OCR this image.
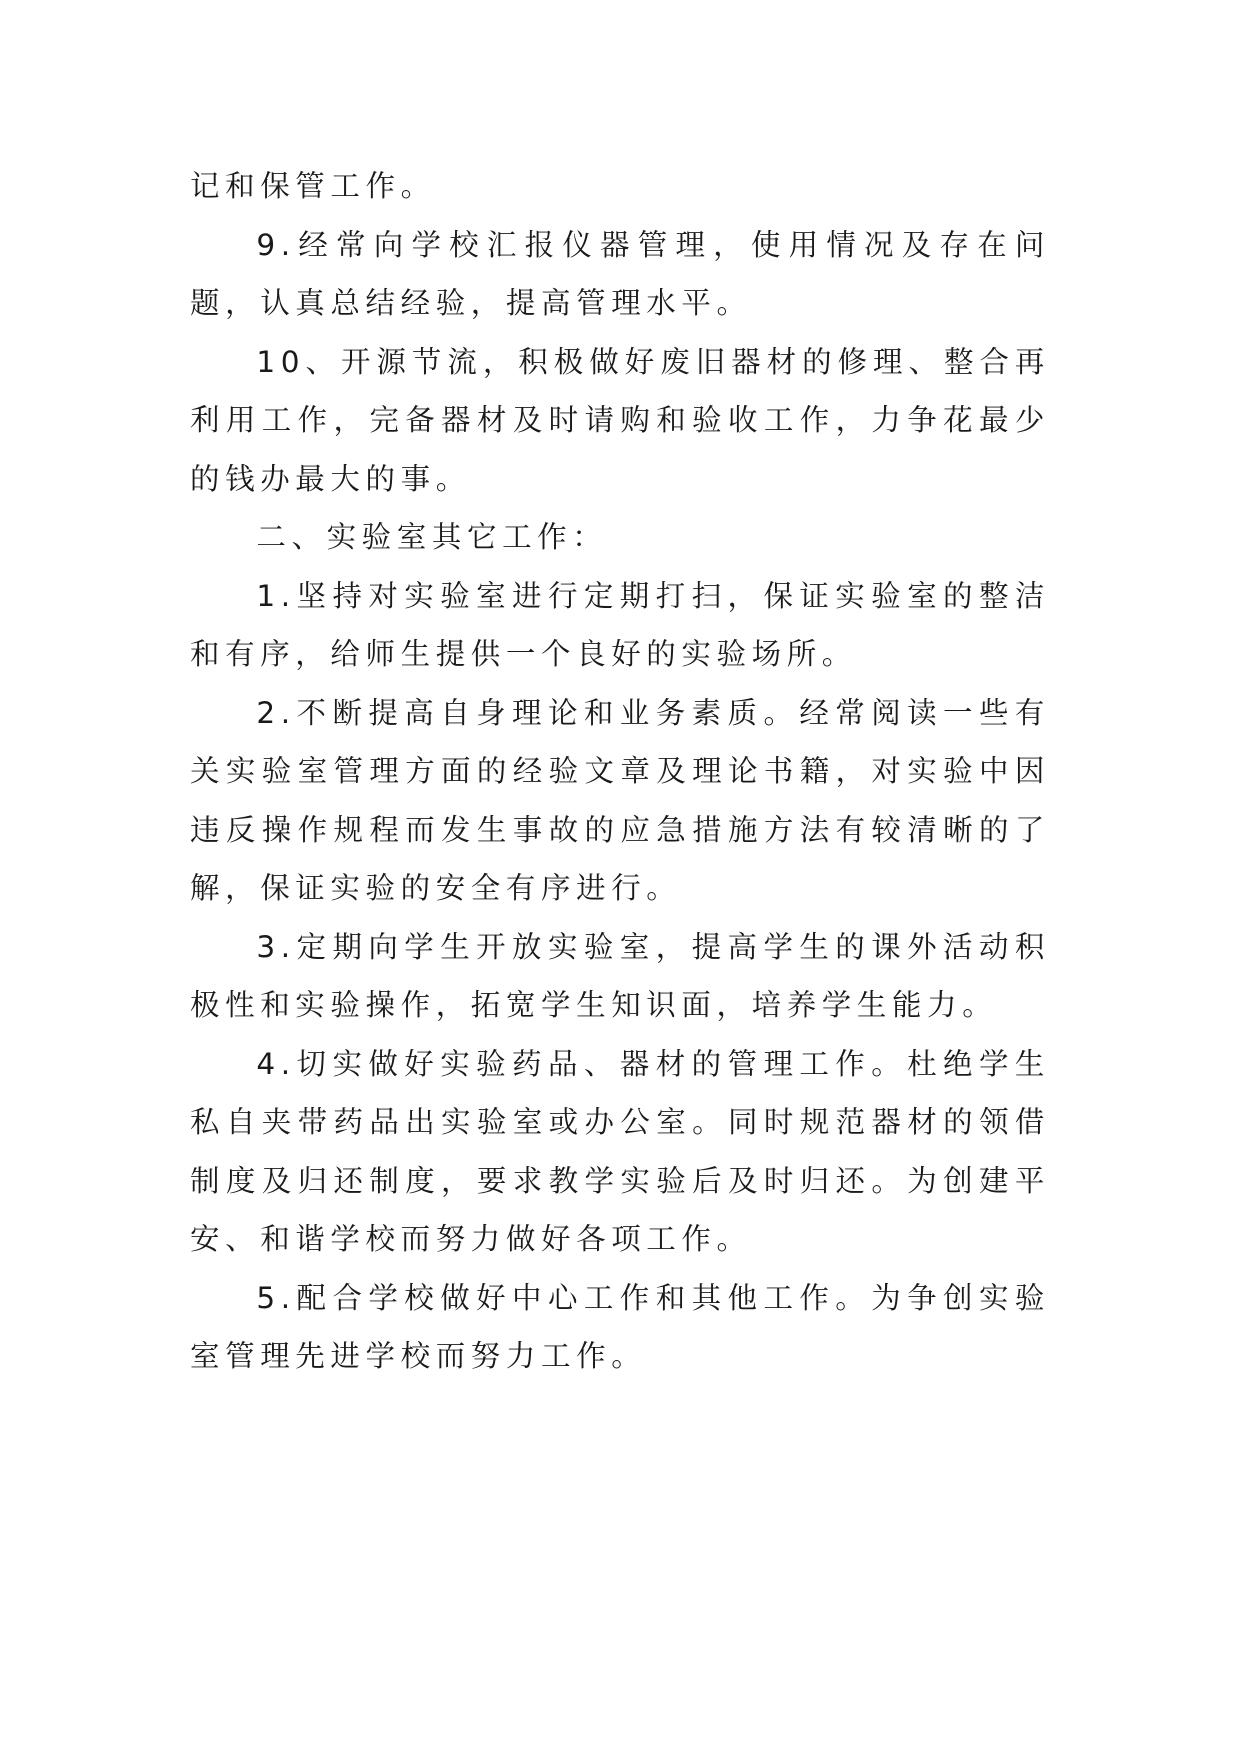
记和保管工作。

9.经常向学校汇报仪器管理，使用情况及存在问题，认真总结经验，提高管理水平。

10、开源节流，积极做好废旧器材的修理、整合再利用工作，完备器材及时请购和验收工作，力争花最少的钱办最大的事。

二、实验室其它工作：

1.坚持对实验室进行定期打扫，保证实验室的整洁和有序，给师生提供一个良好的实验场所。

2.不断提高自身理论和业务素质。经常阅读一些有关实验室管理方面的经验文章及理论书籍，对实验中因违反操作规程而发生事故的应急措施方法有较清晰的了解，保证实验的安全有序进行。

3.定期向学生开放实验室，提高学生的课外活动积极性和实验操作，拓宽学生知识面，培养学生能力。

4.切实做好实验药品、器材的管理工作。杜绝学生私自夹带药品出实验室或办公室。同时规范器材的领借制度及归还制度，要求教学实验后及时归还。为创建平安、和谐学校而努力做好各项工作。

5.配合学校做好中心工作和其他工作。为争创实验室管理先进学校而努力工作。
